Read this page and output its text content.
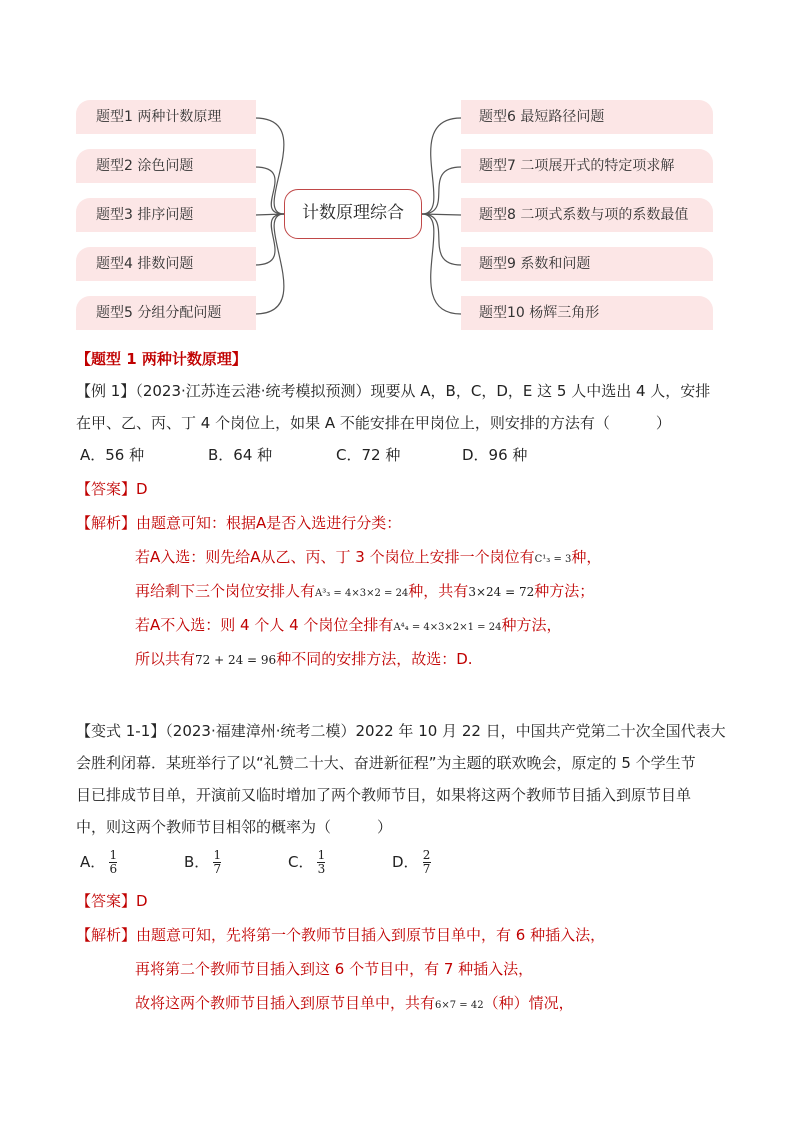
题型1 两种计数原理
题型2 涂色问题
题型3 排序问题
题型4 排数问题
题型5 分组分配问题
题型6 最短路径问题
题型7 二项展开式的特定项求解
题型8 二项式系数与项的系数最值
题型9 系数和问题
题型10 杨辉三角形
计数原理综合
【题型 1 两种计数原理】
【例 1】（2023·江苏连云港·统考模拟预测）现要从 A，B，C，D，E 这 5 人中选出 4 人，安排
在甲、乙、丙、丁 4 个岗位上，如果 A 不能安排在甲岗位上，则安排的方法有（	）
A．56 种	B．64 种	C．72 种	D．96 种
【答案】D
【解析】由题意可知：根据A是否入选进行分类：
若A入选：则先给A从乙、丙、丁 3 个岗位上安排一个岗位有C¹₃ = 3种，
再给剩下三个岗位安排人有A³₃ = 4×3×2 = 24种，共有3×24 = 72种方法；
若A不入选：则 4 个人 4 个岗位全排有A⁴₄ = 4×3×2×1 = 24种方法，
所以共有72 + 24 = 96种不同的安排方法，故选：D.
【变式 1-1】（2023·福建漳州·统考二模）2022 年 10 月 22 日，中国共产党第二十次全国代表大
会胜利闭幕．某班举行了以“礼赞二十大、奋进新征程”为主题的联欢晚会，原定的 5 个学生节
目已排成节目单，开演前又临时增加了两个教师节目，如果将这两个教师节目插入到原节目单
中，则这两个教师节目相邻的概率为（	）
A． $\frac{1}{6}$	B． $\frac{1}{7}$	C． $\frac{1}{3}$	D． $\frac{2}{7}$
【答案】D
【解析】由题意可知，先将第一个教师节目插入到原节目单中，有 6 种插入法，
再将第二个教师节目插入到这 6 个节目中，有 7 种插入法，
故将这两个教师节目插入到原节目单中，共有6×7 = 42（种）情况，
